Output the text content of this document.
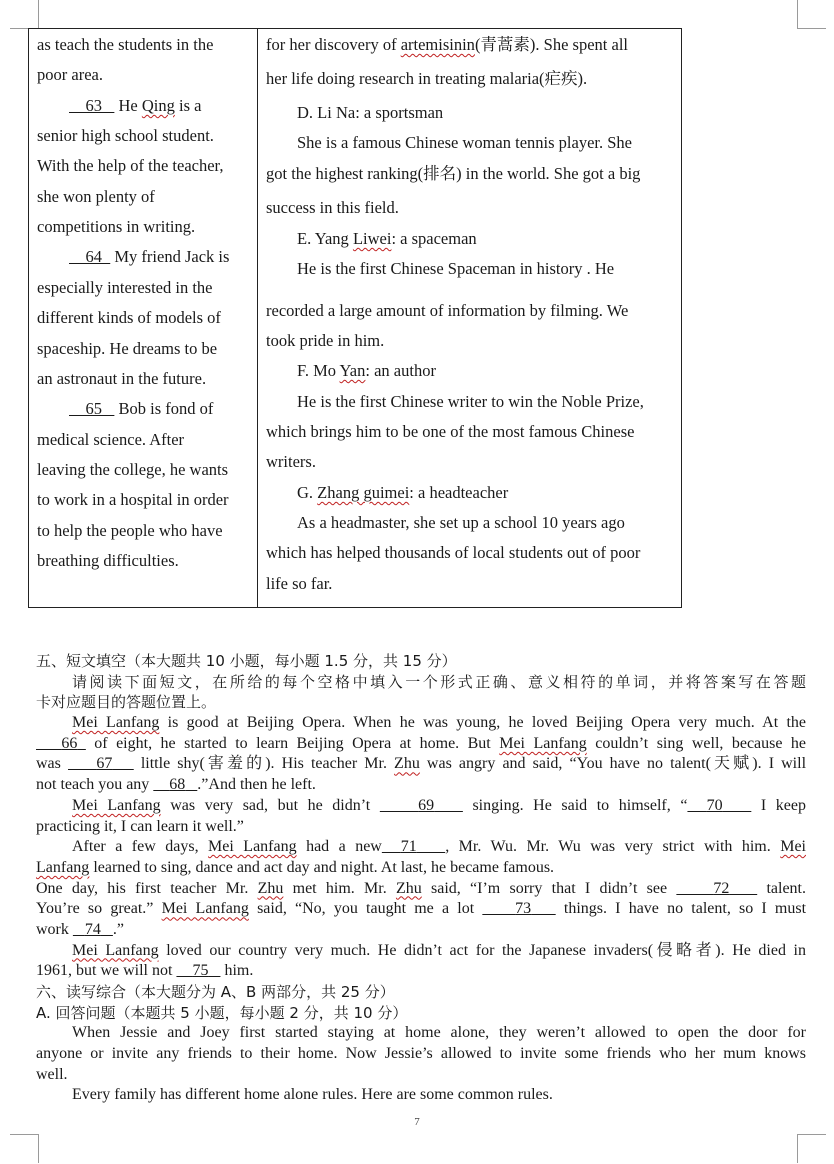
as teach the students in the
poor area.
63    He Qing is a
senior high school student.
With the help of the teacher,
she won plenty of
competitions in writing.
64   My friend Jack is
especially interested in the
different kinds of models of
spaceship. He dreams to be
an astronaut in the future.
65    Bob is fond of
medical science. After
leaving the college, he wants
to work in a hospital in order
to help the people who have
breathing difficulties.
for her discovery of artemisinin(青蒿素). She spent all
her life doing research in treating malaria(疟疾).
D. Li Na: a sportsman
She is a famous Chinese woman tennis player. She
got the highest ranking(排名) in the world. She got a big
success in this field.
E. Yang Liwei: a spaceman
He is the first Chinese Spaceman in history . He
recorded a large amount of information by filming. We
took pride in him.
F. Mo Yan: an author
He is the first Chinese writer to win the Noble Prize,
which brings him to be one of the most famous Chinese
writers.
G. Zhang guimei: a headteacher
As a headmaster, she set up a school 10 years ago
which has helped thousands of local students out of poor
life so far.
五、短文填空（本大题共 10 小题，每小题 1.5 分，共 15 分）
请阅读下面短文，在所给的每个空格中填入一个形式正确、意义相符的单词，并将答案写在答题
卡对应题目的答题位置上。
Mei Lanfang is good at Beijing Opera. When he was young, he loved Beijing Opera very much. At the
66  of eight, he started to learn Beijing Opera at home. But Mei Lanfang couldn’t sing well, because he
was     67    little shy(害羞的). His teacher Mr. Zhu was angry and said, “You have no talent(天赋). I will
not teach you any     68 .”And then he left.
Mei Lanfang was very sad, but he didn’t     69    singing. He said to himself, “ 70    I keep
practicing it, I can learn it well.”
After a few days, Mei Lanfang had a new 71 , Mr. Wu. Mr. Wu was very strict with him. Mei
Lanfang learned to sing, dance and act day and night. At last, he became famous.
One day, his first teacher Mr. Zhu met him. Mr. Zhu said, “I’m sorry that I didn’t see     72    talent.
You’re so great.” Mei Lanfang said, “No, you taught me a lot     73    things. I have no talent, so I must
work    74 .”
Mei Lanfang loved our country very much. He didn’t act for the Japanese invaders(侵略者). He died in
1961, but we will not     75    him.
六、读写综合（本大题分为 A、B 两部分，共 25 分）
A. 回答问题（本题共 5 小题，每小题 2 分，共 10 分）
When Jessie and Joey first started staying at home alone, they weren’t allowed to open the door for
anyone or invite any friends to their home. Now Jessie’s allowed to invite some friends who her mum knows
well.
Every family has different home alone rules. Here are some common rules.
7
